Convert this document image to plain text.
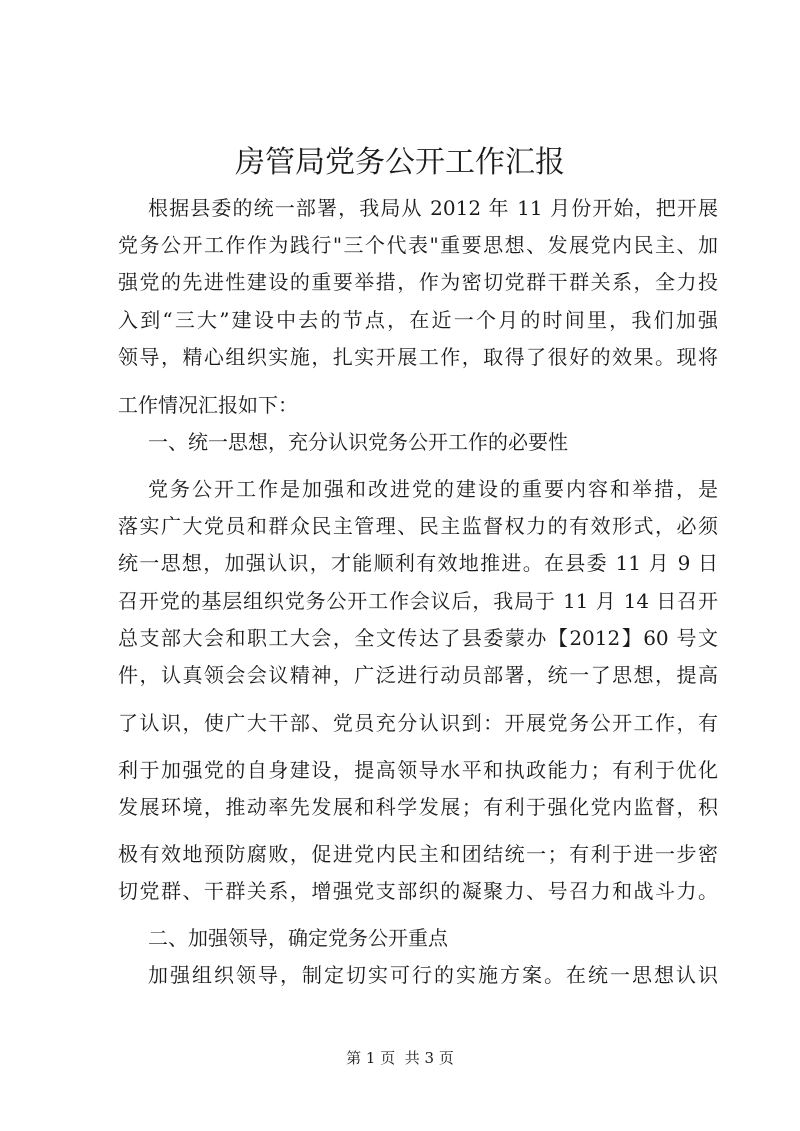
房管局党务公开工作汇报
根据县委的统一部署，我局从 2012 年 11 月份开始，把开展
党务公开工作作为践行"三个代表"重要思想、发展党内民主、加
强党的先进性建设的重要举措，作为密切党群干群关系，全力投
入到“三大”建设中去的节点，在近一个月的时间里，我们加强
领导，精心组织实施，扎实开展工作，取得了很好的效果。现将
工作情况汇报如下：
一、统一思想，充分认识党务公开工作的必要性
党务公开工作是加强和改进党的建设的重要内容和举措，是
落实广大党员和群众民主管理、民主监督权力的有效形式，必须
统一思想，加强认识，才能顺利有效地推进。在县委 11 月 9 日
召开党的基层组织党务公开工作会议后，我局于 11 月 14 日召开
总支部大会和职工大会，全文传达了县委蒙办【2012】60 号文
件，认真领会会议精神，广泛进行动员部署，统一了思想，提高
了认识，使广大干部、党员充分认识到：开展党务公开工作，有
利于加强党的自身建设，提高领导水平和执政能力；有利于优化
发展环境，推动率先发展和科学发展；有利于强化党内监督，积
极有效地预防腐败，促进党内民主和团结统一；有利于进一步密
切党群、干群关系，增强党支部织的凝聚力、号召力和战斗力。
二、加强领导，确定党务公开重点
加强组织领导，制定切实可行的实施方案。在统一思想认识
第 1 页  共 3 页
